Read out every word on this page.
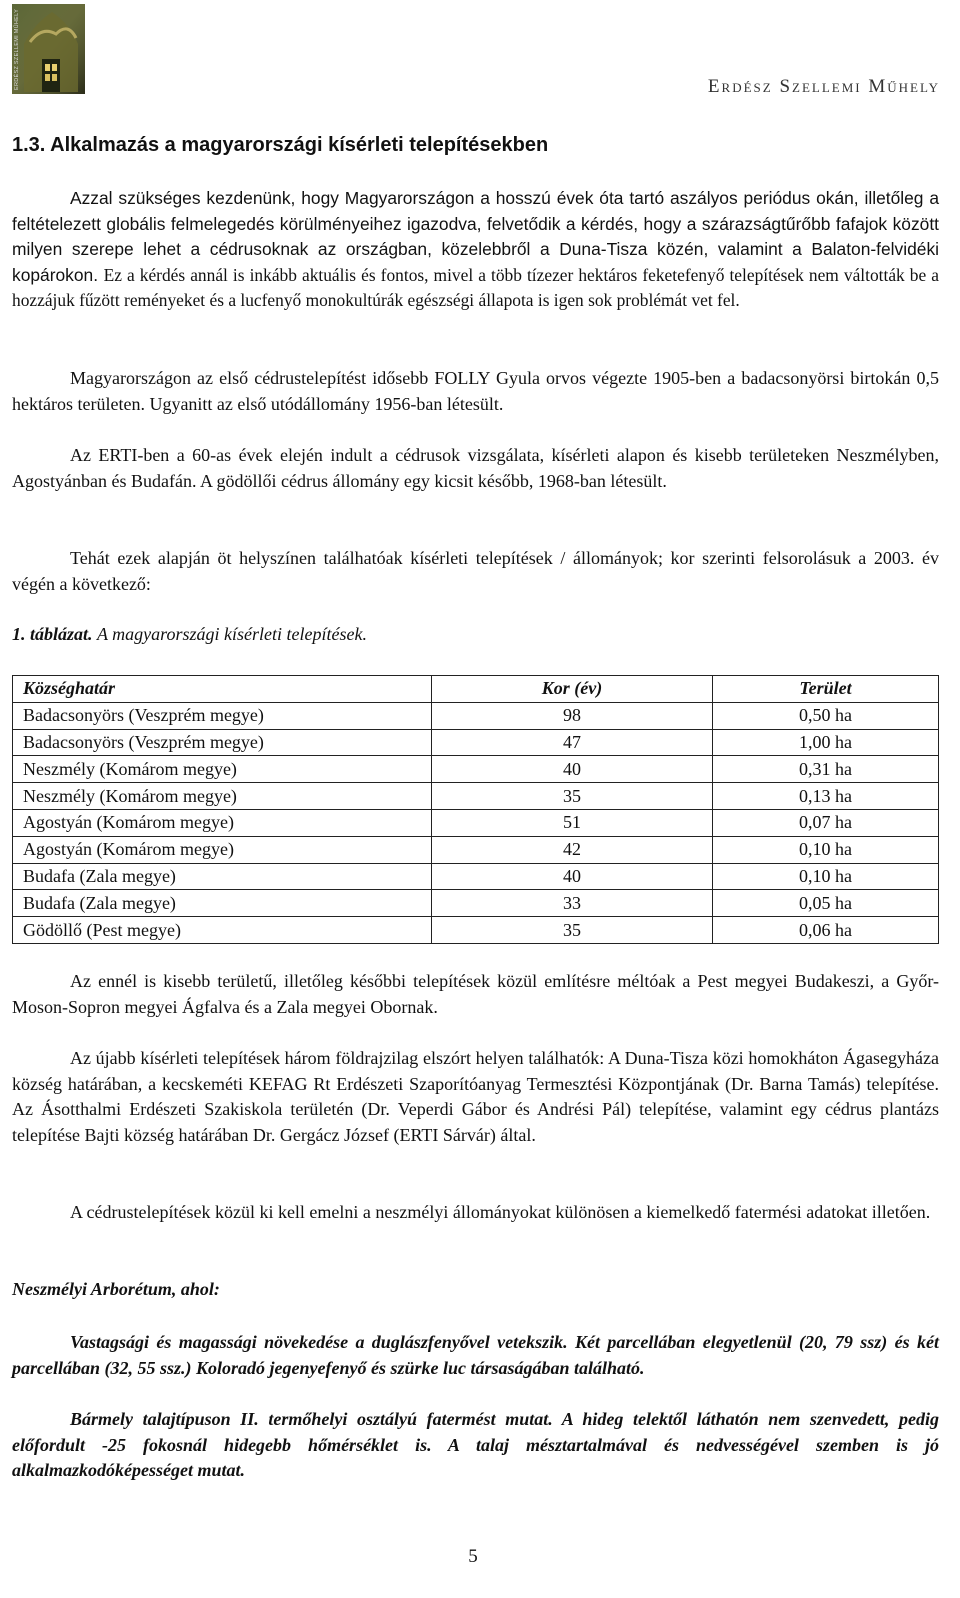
ERDÉSZ SZELLEMI MŰHELY	Erdész Szellemi Műhely
1.3. Alkalmazás a magyarországi kísérleti telepítésekben

Azzal szükséges kezdenünk, hogy Magyarországon a hosszú évek óta tartó aszályos periódus okán, illetőleg a feltételezett globális felmelegedés körülményeihez igazodva, felvetődik a kérdés, hogy a szárazságtűrőbb fafajok között milyen szerepe lehet a cédrusoknak az országban, közelebbről a Duna-Tisza közén, valamint a Balaton-felvidéki kopárokon. Ez a kérdés annál is inkább aktuális és fontos, mivel a több tízezer hektáros feketefenyő telepítések nem váltották be a hozzájuk fűzött reményeket és a lucfenyő monokultúrák egészségi állapota is igen sok problémát vet fel.

Magyarországon az első cédrustelepítést idősebb FOLLY Gyula orvos végezte 1905-ben a badacsonyörsi birtokán 0,5 hektáros területen. Ugyanitt az első utódállomány 1956-ban létesült.

Az ERTI-ben a 60-as évek elején indult a cédrusok vizsgálata, kísérleti alapon és kisebb területeken Neszmélyben, Agostyánban és Budafán. A gödöllői cédrus állomány egy kicsit később, 1968-ban létesült.

Tehát ezek alapján öt helyszínen találhatóak kísérleti telepítések / állományok; kor szerinti felsorolásuk a 2003. év végén a következő:

1. táblázat. A magyarországi kísérleti telepítések.
Községhatár	Kor (év)	Terület
Badacsonyörs (Veszprém megye)	98	0,50 ha
Badacsonyörs (Veszprém megye)	47	1,00 ha
Neszmély (Komárom megye)	40	0,31 ha
Neszmély (Komárom megye)	35	0,13 ha
Agostyán (Komárom megye)	51	0,07 ha
Agostyán (Komárom megye)	42	0,10 ha
Budafa (Zala megye)	40	0,10 ha
Budafa (Zala megye)	33	0,05 ha
Gödöllő (Pest megye)	35	0,06 ha

Az ennél is kisebb területű, illetőleg későbbi telepítések közül említésre méltóak a Pest megyei Budakeszi, a Győr-Moson-Sopron megyei Ágfalva és a Zala megyei Obornak.

Az újabb kísérleti telepítések három földrajzilag elszórt helyen találhatók: A Duna-Tisza közi homokháton Ágasegyháza község határában, a kecskeméti KEFAG Rt Erdészeti Szaporítóanyag Termesztési Központjának (Dr. Barna Tamás) telepítése. Az Ásotthalmi Erdészeti Szakiskola területén (Dr. Veperdi Gábor és Andrési Pál) telepítése, valamint egy cédrus plantázs telepítése Bajti község határában Dr. Gergácz József (ERTI Sárvár) által.

A cédrustelepítések közül ki kell emelni a neszmélyi állományokat különösen a kiemelkedő fatermési adatokat illetően.

Neszmélyi Arborétum, ahol:

Vastagsági és magassági növekedése a duglászfenyővel vetekszik. Két parcellában elegyetlenül (20, 79 ssz) és két parcellában (32, 55 ssz.) Koloradó jegenyefenyő és szürke luc társaságában található.

Bármely talajtípuson II. termőhelyi osztályú fatermést mutat. A hideg telektől láthatón nem szenvedett, pedig előfordult -25 fokosnál hidegebb hőmérséklet is. A talaj mésztartalmával és nedvességével szemben is jó alkalmazkodóképességet mutat.

5
